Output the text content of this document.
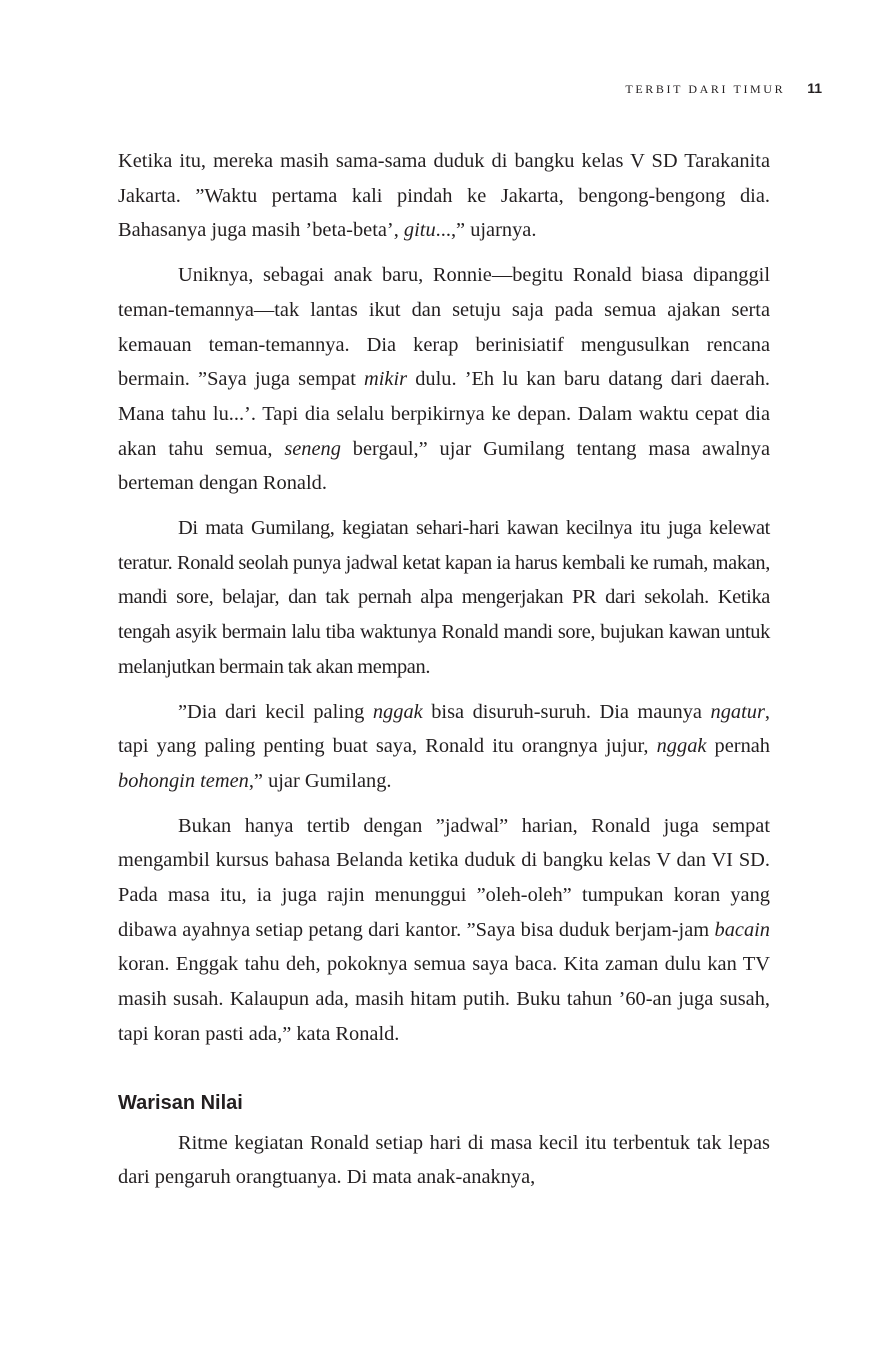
TERBIT DARI TIMUR 11

Ketika itu, mereka masih sama-sama duduk di bangku kelas V SD Tarakanita Jakarta. ”Waktu pertama kali pindah ke Jakarta, bengong-bengong dia. Bahasanya juga masih ’beta-beta’, gitu...,” ujarnya.

Uniknya, sebagai anak baru, Ronnie—begitu Ronald biasa dipanggil teman-temannya—tak lantas ikut dan setuju saja pada semua ajakan serta kemauan teman-temannya. Dia kerap berinisiatif mengusulkan rencana bermain. ”Saya juga sempat mikir dulu. ’Eh lu kan baru datang dari daerah. Mana tahu lu...’. Tapi dia selalu berpikirnya ke depan. Dalam waktu cepat dia akan tahu semua, seneng bergaul,” ujar Gumilang tentang masa awalnya berteman dengan Ronald.

Di mata Gumilang, kegiatan sehari-hari kawan kecilnya itu juga kelewat teratur. Ronald seolah punya jadwal ketat kapan ia harus kembali ke rumah, makan, mandi sore, belajar, dan tak pernah alpa mengerjakan PR dari sekolah. Ketika tengah asyik bermain lalu tiba waktunya Ronald mandi sore, bujukan kawan untuk melanjutkan bermain tak akan mempan.

”Dia dari kecil paling nggak bisa disuruh-suruh. Dia maunya ngatur, tapi yang paling penting buat saya, Ronald itu orangnya jujur, nggak pernah bohongin temen,” ujar Gumilang.

Bukan hanya tertib dengan ”jadwal” harian, Ronald juga sempat mengambil kursus bahasa Belanda ketika duduk di bangku kelas V dan VI SD. Pada masa itu, ia juga rajin menunggui ”oleh-oleh” tumpukan koran yang dibawa ayahnya setiap petang dari kantor. ”Saya bisa duduk berjam-jam bacain koran. Enggak tahu deh, pokoknya semua saya baca. Kita zaman dulu kan TV masih susah. Kalaupun ada, masih hitam putih. Buku tahun ’60-an juga susah, tapi koran pasti ada,” kata Ronald.

Warisan Nilai

Ritme kegiatan Ronald setiap hari di masa kecil itu terbentuk tak lepas dari pengaruh orangtuanya. Di mata anak-anaknya,
